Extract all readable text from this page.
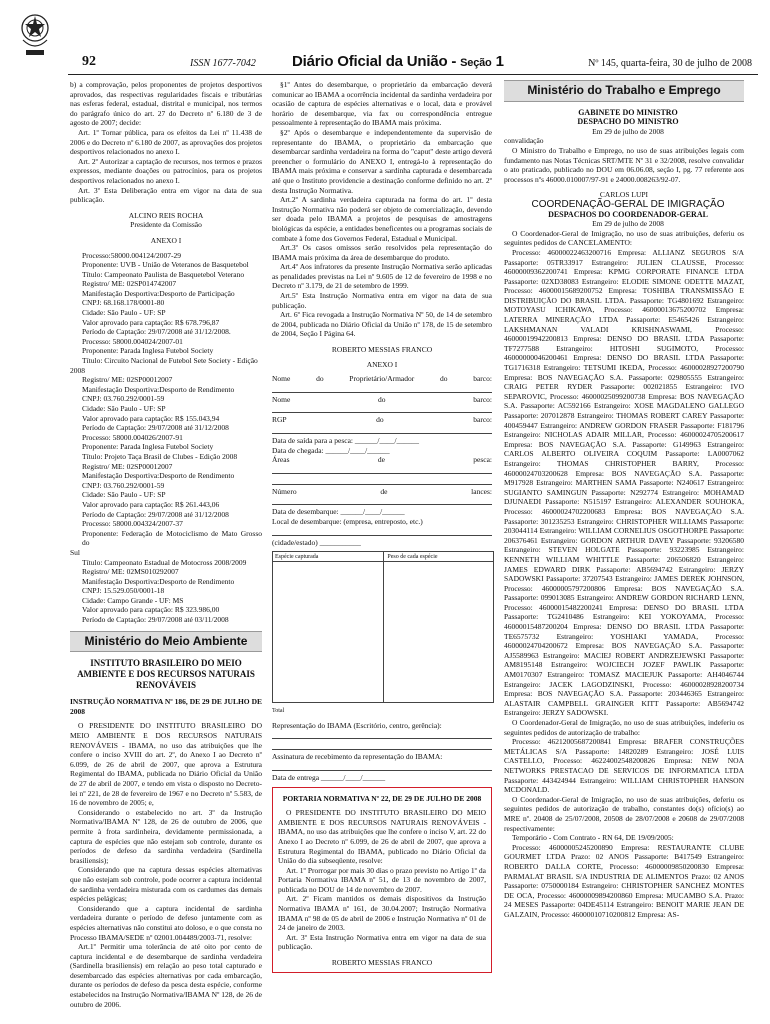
92	ISSN 1677-7042 Diário Oficial da União - Seção 1	Nº 145, quarta-feira, 30 de julho de 2008

b) a comprovação, pelos proponentes de projetos desportivos aprovados, das respectivas regularidades fiscais e tributárias nas esferas federal, estadual, distrital e municipal, nos termos do parágrafo único do art. 27 do Decreto nº 6.180 de 3 de agosto de 2007; decide:

Art. 1º Tornar pública, para os efeitos da Lei nº 11.438 de 2006 e do Decreto nº 6.180 de 2007, as aprovações dos projetos desportivos relacionados no anexo I.

Art. 2º Autorizar a captação de recursos, nos termos e prazos expressos, mediante doações ou patrocínios, para os projetos desportivos relacionados no anexo I.

Art. 3º Esta Deliberação entra em vigor na data de sua publicação.

ALCINO REIS ROCHA

Presidente da Comissão

ANEXO I

Processo:58000.004124/2007-29

Proponente: UVB - União de Veteranos de Basquetebol

Título: Campeonato Paulista de Basquetebol Veterano

Registro/ ME: 02SP014742007

Manifestação Desportiva:Desporto de Participação

CNPJ: 68.168.178/0001-80

Cidade: São Paulo - UF: SP

Valor aprovado para captação: R$ 678.796,87

Período de Captação: 29/07/2008 até 31/12/2008.

Processo: 58000.004024/2007-01

Proponente: Parada Inglesa Futebol Society

Título: Circuito Nacional de Futebol Sete Society - Edição

2008

Registro/ ME: 02SP00012007

Manifestação Desportiva:Desporto de Rendimento

CNPJ: 03.760.292/0001-59

Cidade: São Paulo - UF: SP

Valor aprovado para captação: R$ 155.043,94

Período de Captação: 29/07/2008 até 31/12/2008

Processo: 58000.004026/2007-91

Proponente: Parada Inglesa Futebol Society

Título: Projeto Taça Brasil de Clubes - Edição 2008

Registro/ ME: 02SP00012007

Manifestação Desportiva:Desporto de Rendimento

CNPJ: 03.760.292/0001-59

Cidade: São Paulo - UF: SP

Valor aprovado para captação: R$ 261.443,06

Período de Captação: 29/07/2008 até 31/12/2008

Processo: 58000.004324/2007-37

Proponente: Federação de Motociclismo de Mato Grosso do

Sul

Título: Campeonato Estadual de Motocross 2008/2009

Registro/ ME: 02MS010292007

Manifestação Desportiva:Desporto de Rendimento

CNPJ: 15.529.050/0001-18

Cidade: Campo Grande - UF: MS

Valor aprovado para captação: R$ 323.986,00

Período de Captação: 29/07/2008 até 03/11/2008

Ministério do Meio Ambiente
INSTITUTO BRASILEIRO DO MEIO AMBIENTE E DOS RECURSOS NATURAIS RENOVÁVEIS
INSTRUÇÃO NORMATIVA Nº 186, DE 29 DE JULHO DE 2008

O PRESIDENTE DO INSTITUTO BRASILEIRO DO MEIO AMBIENTE E DOS RECURSOS NATURAIS RENOVÁVEIS - IBAMA, no uso das atribuições que lhe confere o inciso XVIII do art. 2º, do Anexo I ao Decreto nº 6.099, de 26 de abril de 2007, que aprova a Estrutura Regimental do IBAMA, publicada no Diário Oficial da União de 27 de abril de 2007, e tendo em vista o disposto no Decreto-lei nº 221, de 28 de fevereiro de 1967 e no Decreto nº 5.583, de 16 de novembro de 2005; e,

Considerando o estabelecido no art. 3º da Instrução Normativa/IBAMA Nº 128, de 26 de outubro de 2006, que permite à frota sardinheira, devidamente permissionada, a captura de espécies que não estejam sob controle, durante os períodos de defeso da sardinha verdadeira (Sardinella brasiliensis);

Considerando que na captura dessas espécies alternativas que não estejam sob controle, pode ocorrer a captura incidental de sardinha verdadeira misturada com os cardumes das demais espécies pelágicas;

Considerando que a captura incidental de sardinha verdadeira durante o período de defeso juntamente com as espécies alternativas não constitui ato doloso, e o que consta no Processo IBAMA/SEDE nº 02001.004489/2003-71, resolve:

Art.1º Permitir uma tolerância de até oito por cento de captura incidental e de desembarque de sardinha verdadeira (Sardinella brasiliensis) em relação ao peso total capturado e desembarcado das espécies alternativas por cada embarcação, durante os períodos de defeso da pesca desta espécie, conforme estabelecidos na Instrução Normativa/IBAMA Nº 128, de 26 de outubro de 2006.

§1º Antes do desembarque, o proprietário da embarcação deverá comunicar ao IBAMA a ocorrência incidental da sardinha verdadeira por ocasião de captura de espécies alternativas e o local, data e provável horário de desembarque, via fax ou correspondência entregue pessoalmente à representação do IBAMA mais próxima.

§2º Após o desembarque e independentemente da supervisão de representante do IBAMA, o proprietário da embarcação que desembarcar sardinha verdadeira na forma do "caput" deste artigo deverá preencher o formulário do ANEXO I, entregá-lo à representação do IBAMA mais próxima e conservar a sardinha capturada e desembarcada até que o Instituto providencie a destinação conforme definido no art. 2º desta Instrução Normativa.

Art.2º A sardinha verdadeira capturada na forma do art. 1º desta Instrução Normativa não poderá ser objeto de comercialização, devendo ser doada pelo IBAMA a projetos de pesquisas de amostragens biológicas da espécie, a entidades beneficentes ou a programas sociais de combate à fome dos Governos Federal, Estadual e Municipal.

Art.3º Os casos omissos serão resolvidos pela representação do IBAMA mais próxima da área de desembarque do produto.

Art.4º Aos infratores da presente Instrução Normativa serão aplicadas as penalidades previstas na Lei nº 9.605 de 12 de fevereiro de 1998 e no Decreto nº 3.179, de 21 de setembro de 1999.

Art.5º Esta Instrução Normativa entra em vigor na data de sua publicação.

Art. 6º Fica revogada a Instrução Normativa Nº 50, de 14 de setembro de 2004, publicada no Diário Oficial da União nº 178, de 15 de setembro de 2004, Seção I Página 64.

ROBERTO MESSIAS FRANCO

ANEXO I

Nome	do	Proprietário/Armador	do	barco:
Nome	do	barco:
RGP	do	barco:

Data de saída para a pesca: ______/____/______

Data de chegada: ______/____/______

Áreas	de	pesca:
Número	de	lances:

Data de desembarque: ______/____/______

Local de desembarque: (empresa, entreposto, etc.)

(cidade/estado) ___________

Espécie capturada	Peso de cada espécie
Total

Representação do IBAMA (Escritório, centro, gerência):

Assinatura de recebimento da representação do IBAMA:

Data de entrega ______/____/______

PORTARIA NORMATIVA Nº 22, DE 29 DE JULHO DE 2008

O PRESIDENTE DO INSTITUTO BRASILEIRO DO MEIO AMBIENTE E DOS RECURSOS NATURAIS RENOVÁVEIS - IBAMA, no uso das atribuições que lhe confere o inciso V, art. 22 do Anexo I ao Decreto nº 6.099, de 26 de abril de 2007, que aprova a Estrutura Regimental do IBAMA, publicado no Diário Oficial da União do dia subseqüente, resolve:

Art. 1º Prorrogar por mais 30 dias o prazo previsto no Artigo 1º da Portaria Normativa IBAMA nº 51, de 13 de novembro de 2007, publicada no DOU de 14 de novembro de 2007.

Art. 2º Ficam mantidos os demais dispositivos da Instrução Normativa IBAMA nº 161, de 30.04.2007; Instrução Normativa IBAMA nº 98 de 05 de abril de 2006 e Instrução Normativa nº 01 de 24 de janeiro de 2003.

Art. 3º Esta Instrução Normativa entra em vigor na data de sua publicação.

ROBERTO MESSIAS FRANCO

Ministério do Trabalho e Emprego

GABINETE DO MINISTRO

DESPACHO DO MINISTRO

Em 29 de julho de 2008

convalidação

O Ministro do Trabalho e Emprego, no uso de suas atribuições legais com fundamento nas Notas Técnicas SRT/MTE Nº 31 e 32/2008, resolve convalidar o ato praticado, publicado no DOU em 06.06.08, seção I, pg. 77 referente aos processos nºs 46000.010007/97-91 e 24000.008263/92-07.

CARLOS LUPI

COORDENAÇÃO-GERAL DE IMIGRAÇÃO

DESPACHOS DO COORDENADOR-GERAL

Em 29 de julho de 2008

O Coordenador-Geral de Imigração, no uso de suas atribuições, deferiu os seguintes pedidos de CANCELAMENTO:

Processo: 46000022463200716 Empresa: ALLIANZ SEGUROS S/A Passaporte: 05TR33917 Estrangeiro: JULIEN CLAUSSE, Processo: 46000009362200741 Empresa: KPMG CORPORATE FINANCE LTDA Passaporte: 02XD38083 Estrangeiro: ELODIE SIMONE ODETTE MAZAT, Processo: 46000015689200752 Empresa: TOSHIBA TRANSMISSÃO E DISTRIBUIÇÃO DO BRASIL LTDA. Passaporte: TG4801692 Estrangeiro: MOTOYASU ICHIKAWA, Processo: 46000013675200702 Empresa: LATERRA MINERAÇÃO LTDA Passaporte: E5465426 Estrangeiro: LAKSHMANAN VALADI KRISHNASWAMI, Processo: 46000019942200813 Empresa: DENSO DO BRASIL LTDA Passaporte: TF7277588 Estrangeiro: HITOSHI SUGIMOTO, Processo: 46000000046200461 Empresa: DENSO DO BRASIL LTDA Passaporte: TG1716318 Estrangeiro: TETSUMI IKEDA, Processo: 46000028927200790 Empresa: BOS NAVEGAÇÃO S.A. Passaporte: 029805555 Estrangeiro: CRAIG PETER RYDER Passaporte: 002021855 Estrangeiro: IVO SEPAROVIC, Processo: 46000025099200738 Empresa: BOS NAVEGAÇÃO S.A. Passaporte: AC592166 Estrangeiro: XOSE MAGDALENO GALLEGO Passaporte: 207012878 Estrangeiro: THOMAS ROBERT CAREY Passaporte: 400459447 Estrangeiro: ANDREW GORDON FRASER Passaporte: F181796 Estrangeiro: NICHOLAS ADAIR MILLAR, Processo: 46000024705200617 Empresa: BOS NAVEGAÇÃO S.A. Passaporte: G149963 Estrangeiro: CARLOS ALBERTO OLIVEIRA COQUIM Passaporte: LA0007062 Estrangeiro: THOMAS CHRISTOPHER BARRY, Processo: 46000024703200628 Empresa: BOS NAVEGAÇÃO S.A. Passaporte: M917928 Estrangeiro: MARTHEN SAMA Passaporte: N240617 Estrangeiro: SUGIANTO SAMINGUN Passaporte: N292774 Estrangeiro: MOHAMAD DJUNAEDI Passaporte: N515197 Estrangeiro: ALEXANDER SOUHOKA, Processo: 46000024702200683 Empresa: BOS NAVEGAÇÃO S.A. Passaporte: 301235253 Estrangeiro: CHRISTOPHER WILLIAMS Passaporte: 203044114 Estrangeiro: WILLIAM CORNELIUS OSGOTHORPE Passaporte: 206376461 Estrangeiro: GORDON ARTHUR DAVEY Passaporte: 93206580 Estrangeiro: STEVEN HOLGATE Passaporte: 93223985 Estrangeiro: KENNETH WILLIAM WHITTLE Passaporte: 206506820 Estrangeiro: JAMES EDWARD DIRK Passaporte: AB5694742 Estrangeiro: JERZY SADOWSKI Passaporte: 37207543 Estrangeiro: JAMES DEREK JOHNSON, Processo: 46000005797200806 Empresa: BOS NAVEGAÇÃO S.A. Passaporte: 099013085 Estrangeiro: ANDREW GORDON RICHARD LENN, Processo: 46000015482200241 Empresa: DENSO DO BRASIL LTDA Passaporte: TG2410486 Estrangeiro: KEI YOKOYAMA, Processo: 46000015487200204 Empresa: DENSO DO BRASIL LTDA Passaporte: TE6575732 Estrangeiro: YOSHIAKI YAMADA, Processo: 46000024704200672 Empresa: BOS NAVEGAÇÃO S.A. Passaporte: AJ5589963 Estrangeiro: MACIEJ ROBERT ANDRZEJEWSKI Passaporte: AM8195148 Estrangeiro: WOJCIECH JOZEF PAWLIK Passaporte: AM0170307 Estrangeiro: TOMASZ MACIEJUK Passaporte: AH4046744 Estrangeiro: JACEK LAGODZINSKI, Processo: 46000028928200734 Empresa: BOS NAVEGAÇÃO S.A. Passaporte: 203446365 Estrangeiro: ALASTAIR CAMPBELL GRAINGER KITT Passaporte: AB5694742 Estrangeiro: JERZY SADOWSKI.

O Coordenador-Geral de Imigração, no uso de suas atribuições, indeferiu os seguintes pedidos de autorização de trabalho:

Processo: 46212005687200841 Empresa: BRAFER CONSTRUÇÕES METÁLICAS S/A Passaporte: 14820289 Estrangeiro: JOSÉ LUIS CASTELLO, Processo: 46224002548200826 Empresa: NEW NOA NETWORKS PRESTACAO DE SERVICOS DE INFORMATICA LTDA Passaporte: 443424944 Estrangeiro: WILLIAM CHRISTOPHER HANSON MCDONALD.

O Coordenador-Geral de Imigração, no uso de suas atribuições, deferiu os seguintes pedidos de autorização de trabalho, constantes do(s) ofício(s) ao MRE nº. 20408 de 25/07/2008, 20508 de 28/07/2008 e 20608 de 29/07/2008 respectivamente:

Temporário - Com Contrato - RN 64, DE 19/09/2005:

Processo: 46000005245200890 Empresa: RESTAURANTE CLUBE GOURMET LTDA Prazo: 02 ANOS Passaporte: B417549 Estrangeiro: ROBERTO DALLA CORTE, Processo: 46000009850200830 Empresa: PARMALAT BRASIL S/A INDUSTRIA DE ALIMENTOS Prazo: 02 ANOS Passaporte: 0750000184 Estrangeiro: CHRISTOPHER SANCHEZ MONTES DE OCA, Processo: 46000009894200860 Empresa: MUCAMBO S.A. Prazo: 24 MESES Passaporte: 04DE45114 Estrangeiro: BENOIT MARIE JEAN DE GALZAIN, Processo: 46000010710200812 Empresa: AS-
